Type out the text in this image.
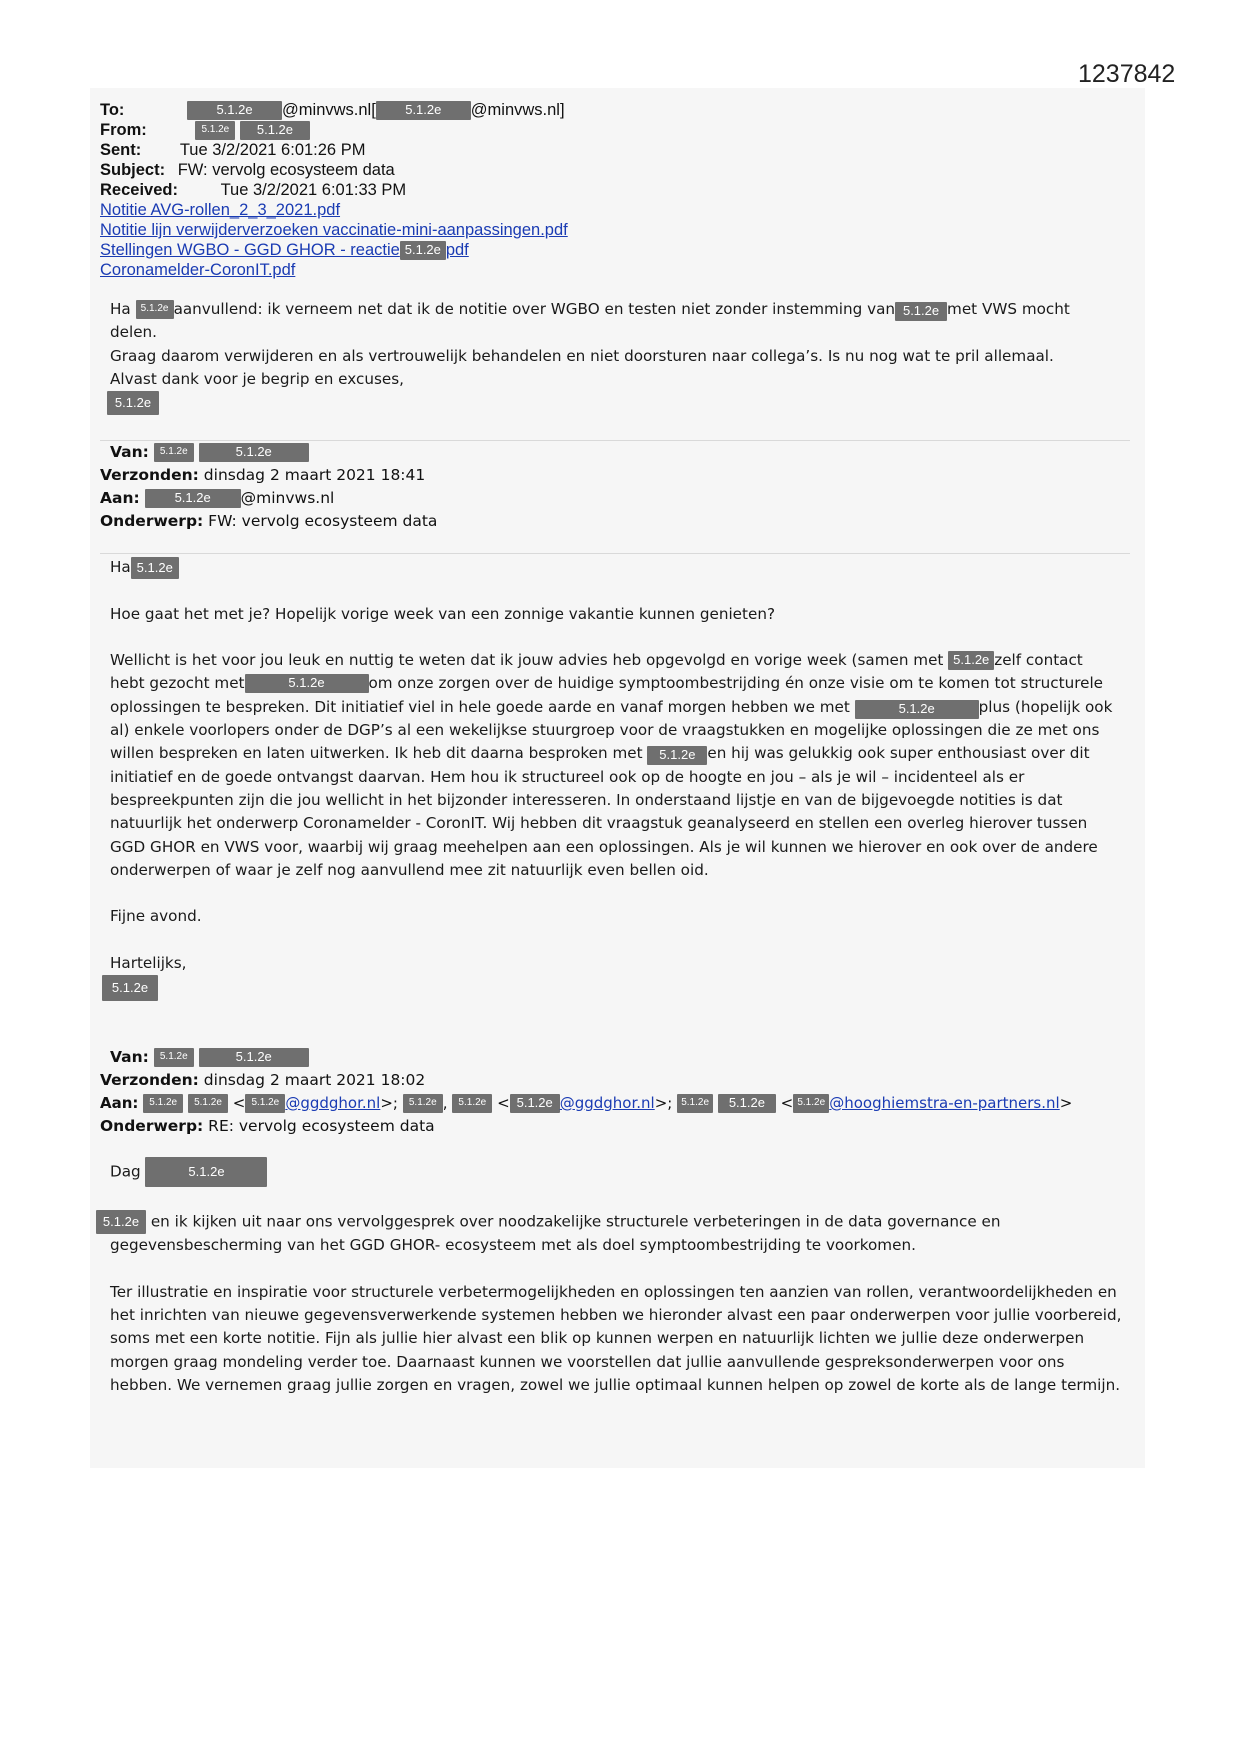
1237842
To:	5.1.2e @minvws.nl[ 5.1.2e @minvws.nl]
From:	5.1.2e 5.1.2e
Sent: Tue 3/2/2021 6:01:26 PM
Subject: FW: vervolg ecosysteem data
Received:	Tue 3/2/2021 6:01:33 PM
Notitie AVG-rollen_2_3_2021.pdf
Notitie lijn verwijderverzoeken vaccinatie-mini-aanpassingen.pdf
Stellingen WGBO - GGD GHOR - reactie 5.1.2e pdf
Coronamelder-CoronIT.pdf

Ha 5.1.2e aanvullend: ik verneem net dat ik de notitie over WGBO en testen niet zonder instemming van 5.1.2e met VWS mocht

delen.

Graag daarom verwijderen en als vertrouwelijk behandelen en niet doorsturen naar collega’s. Is nu nog wat te pril allemaal.

Alvast dank voor je begrip en excuses,

5.1.2e

Van: 5.1.2e	5.1.2e
Verzonden: dinsdag 2 maart 2021 18:41
Aan:	5.1.2e @minvws.nl
Onderwerp: FW: vervolg ecosysteem data

Ha 5.1.2e

Hoe gaat het met je? Hopelijk vorige week van een zonnige vakantie kunnen genieten?

Wellicht is het voor jou leuk en nuttig te weten dat ik jouw advies heb opgevolgd en vorige week (samen met 5.1.2e zelf contact

hebt gezocht met	5.1.2e	om onze zorgen over de huidige symptoombestrijding én onze visie om te komen tot structurele

oplossingen te bespreken. Dit initiatief viel in hele goede aarde en vanaf morgen hebben we met	5.1.2e	plus (hopelijk ook

al) enkele voorlopers onder de DGP’s al een wekelijkse stuurgroep voor de vraagstukken en mogelijke oplossingen die ze met ons

willen bespreken en laten uitwerken. Ik heb dit daarna besproken met 5.1.2e en hij was gelukkig ook super enthousiast over dit

initiatief en de goede ontvangst daarvan. Hem hou ik structureel ook op de hoogte en jou – als je wil – incidenteel als er

bespreekpunten zijn die jou wellicht in het bijzonder interesseren. In onderstaand lijstje en van de bijgevoegde notities is dat

natuurlijk het onderwerp Coronamelder - CoronIT. Wij hebben dit vraagstuk geanalyseerd en stellen een overleg hierover tussen

GGD GHOR en VWS voor, waarbij wij graag meehelpen aan een oplossingen. Als je wil kunnen we hierover en ook over de andere

onderwerpen of waar je zelf nog aanvullend mee zit natuurlijk even bellen oid.

Fijne avond.

Hartelijks,

5.1.2e

Van: 5.1.2e	5.1.2e
Verzonden: dinsdag 2 maart 2021 18:02
Aan: 5.1.2e 5.1.2e < 5.1.2e @ggdghor.nl>; 5.1.2e , 5.1.2e < 5.1.2e @ggdghor.nl>; 5.1.2e 5.1.2e < 5.1.2e @hooghiemstra-en-partners.nl>
Onderwerp: RE: vervolg ecosysteem data

Dag	5.1.2e

5.1.2e en ik kijken uit naar ons vervolggesprek over noodzakelijke structurele verbeteringen in de data governance en

gegevensbescherming van het GGD GHOR- ecosysteem met als doel symptoombestrijding te voorkomen.

Ter illustratie en inspiratie voor structurele verbetermogelijkheden en oplossingen ten aanzien van rollen, verantwoordelijkheden en het inrichten van nieuwe gegevensverwerkende systemen hebben we hieronder alvast een paar onderwerpen voor jullie voorbereid, soms met een korte notitie. Fijn als jullie hier alvast een blik op kunnen werpen en natuurlijk lichten we jullie deze onderwerpen morgen graag mondeling verder toe. Daarnaast kunnen we voorstellen dat jullie aanvullende gespreksonderwerpen voor ons hebben. We vernemen graag jullie zorgen en vragen, zowel we jullie optimaal kunnen helpen op zowel de korte als de lange termijn.
